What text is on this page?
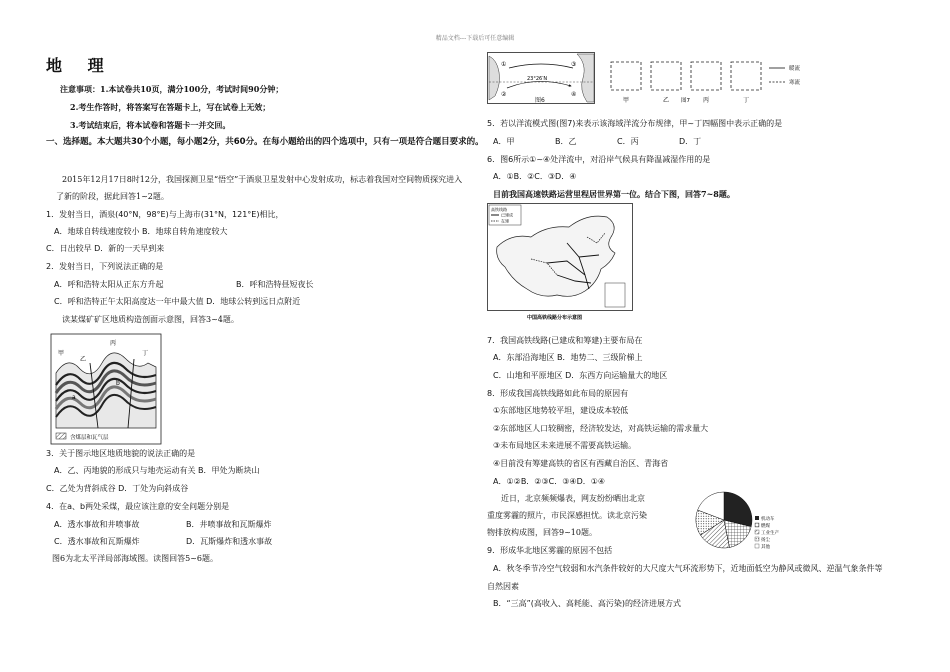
精品文档---下载后可任意编辑
地 理
注意事项：1.本试卷共10页，满分100分，考试时间90分钟；
2.考生作答时，将答案写在答题卡上，写在试卷上无效；
3.考试结束后，将本试卷和答题卡一并交回。
一、选择题。本大题共30个小题，每小题2分，共60分。在每小题给出的四个选项中，只有一项是符合题目要求的。
2015年12月17日8时12分，我国探测卫星“悟空”于酒泉卫星发射中心发射成功，标志着我国对空间物质探究进入了新的阶段，据此回答1~2题。
1．发射当日，酒泉(40°N，98°E)与上海市(31°N，121°E)相比，
A．地球自转线速度较小 B．地球自转角速度较大
C．日出较早 D．新的一天早到来
2．发射当日，下列说法正确的是
A．呼和浩特太阳从正东方升起	B．呼和浩特昼短夜长
C．呼和浩特正午太阳高度达一年中最大值 D．地球公转到远日点附近
读某煤矿矿区地质构造剖面示意图，回答3~4题。
甲
乙
丙
丁
a
b
含煤层和瓦气层
3．关于图示地区地质地貌的说法正确的是
A．乙、丙地貌的形成只与地壳运动有关 B．甲处为断块山
C．乙处为背斜成谷 D．丁处为向斜成谷
4．在a、b两处采煤，最应该注意的安全问题分别是
A．透水事故和井喷事故	B．井喷事故和瓦斯爆炸
C．透水事故和瓦斯爆炸	D．瓦斯爆炸和透水事故
图6为北太平洋局部海域图。读图回答5~6题。
23°26′N
①
②
③
④
图6
暖流
寒流
甲	乙 图7 丙	丁
5．若以洋流模式图(图7)来表示该海域洋流分布规律，甲~丁四幅图中表示正确的是
A．甲	B．乙	C．丙	D．丁
6．图6所示①~④处洋流中，对沿岸气候具有降温减湿作用的是
A．①B．②C．③D．④
目前我国高速铁路运营里程居世界第一位。结合下图，回答7~8题。
高铁线路
已建成
在建
中国高铁线路分布示意图
7．我国高铁线路(已建成和筹建)主要布局在
A．东部沿海地区 B．地势二、三级阶梯上
C．山地和平原地区 D．东西方向运输量大的地区
8．形成我国高铁线路如此布局的原因有
①东部地区地势较平坦，建设成本较低
②东部地区人口较稠密，经济较发达，对高铁运输的需求量大
③未布局地区未来进展不需要高铁运输。
④目前没有筹建高铁的省区有西藏自治区、青海省
A．①②B．②③C．③④D．①④
近日，北京频频爆表，网友纷纷晒出北京
重度雾霾的照片，市民深感担忧。读北京污染
物排放构成图，回答9~10题。
机动车
燃煤
工业生产
扬尘
其他
9．形成华北地区雾霾的原因不包括
A．秋冬季节冷空气较弱和水汽条件较好的大尺度大气环流形势下，近地面低空为静风或微风、逆温气象条件等
自然因素
B．“三高”(高收入、高耗能、高污染)的经济进展方式
